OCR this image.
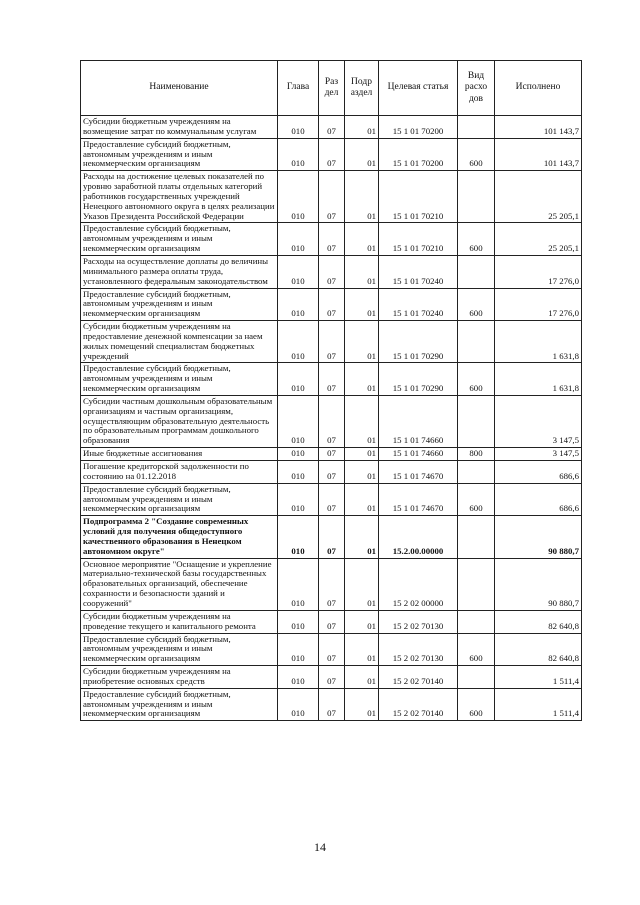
Наименование	Глава	Раз дел	Подр аздел	Целевая статья	Вид расхо дов	Исполнено
Субсидии бюджетным учреждениям на возмещение затрат по коммунальным услугам	010	07	01	15 1 01 70200		101 143,7
Предоставление субсидий бюджетным, автономным учреждениям и иным некоммерческим организациям	010	07	01	15 1 01 70200	600	101 143,7
Расходы на достижение целевых показателей по уровню заработной платы отдельных категорий работников государственных учреждений Ненецкого автономного округа в целях реализации Указов Президента Российской Федерации	010	07	01	15 1 01 70210		25 205,1
Предоставление субсидий бюджетным, автономным учреждениям и иным некоммерческим организациям	010	07	01	15 1 01 70210	600	25 205,1
Расходы на осуществление доплаты до величины минимального размера оплаты труда, установленного федеральным законодательством	010	07	01	15 1 01 70240		17 276,0
Предоставление субсидий бюджетным, автономным учреждениям и иным некоммерческим организациям	010	07	01	15 1 01 70240	600	17 276,0
Субсидии бюджетным учреждениям на предоставление денежной компенсации за наем жилых помещений специалистам бюджетных учреждений	010	07	01	15 1 01 70290		1 631,8
Предоставление субсидий бюджетным, автономным учреждениям и иным некоммерческим организациям	010	07	01	15 1 01 70290	600	1 631,8
Субсидии частным дошкольным образовательным организациям и частным организациям, осуществляющим образовательную деятельность по образовательным программам дошкольного образования	010	07	01	15 1 01 74660		3 147,5
Иные бюджетные ассигнования	010	07	01	15 1 01 74660	800	3 147,5
Погашение кредиторской задолженности по состоянию на 01.12.2018	010	07	01	15 1 01 74670		686,6
Предоставление субсидий бюджетным, автономным учреждениям и иным некоммерческим организациям	010	07	01	15 1 01 74670	600	686,6
Подпрограмма 2 "Создание современных условий для получения общедоступного качественного образования в Ненецком автономном округе"	010	07	01	15.2.00.00000		90 880,7
Основное мероприятие "Оснащение и укрепление материально-технической базы государственных образовательных организаций, обеспечение сохранности и безопасности зданий и сооружений"	010	07	01	15 2 02 00000		90 880,7
Субсидии бюджетным учреждениям на проведение текущего и капитального ремонта	010	07	01	15 2 02 70130		82 640,8
Предоставление субсидий бюджетным, автономным учреждениям и иным некоммерческим организациям	010	07	01	15 2 02 70130	600	82 640,8
Субсидии бюджетным учреждениям на приобретение основных средств	010	07	01	15 2 02 70140		1 511,4
Предоставление субсидий бюджетным, автономным учреждениям и иным некоммерческим организациям	010	07	01	15 2 02 70140	600	1 511,4
14
